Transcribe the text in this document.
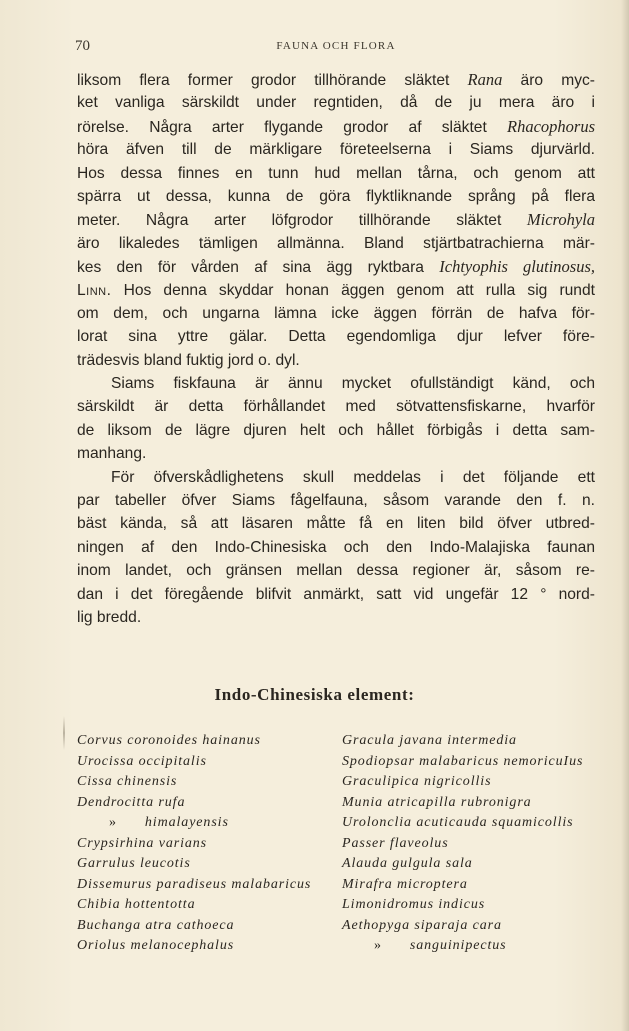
70	FAUNA OCH FLORA
liksom flera former grodor tillhörande släktet Rana äro myc-
ket vanliga särskildt under regntiden, då de ju mera äro i
rörelse. Några arter flygande grodor af släktet Rhacophorus
höra äfven till de märkligare företeelserna i Siams djurvärld.
Hos dessa finnes en tunn hud mellan tårna, och genom att
spärra ut dessa, kunna de göra flyktliknande språng på flera
meter. Några arter löfgrodor tillhörande släktet Microhyla
äro likaledes tämligen allmänna. Bland stjärtbatrachierna mär-
kes den för vården af sina ägg ryktbara Ichtyophis glutinosus,
Linn. Hos denna skyddar honan äggen genom att rulla sig rundt
om dem, och ungarna lämna icke äggen förrän de hafva för-
lorat sina yttre gälar. Detta egendomliga djur lefver före-
trädesvis bland fuktig jord o. dyl.
Siams fiskfauna är ännu mycket ofullständigt känd, och
särskildt är detta förhållandet med sötvattensfiskarne, hvarför
de liksom de lägre djuren helt och hållet förbigås i detta sam-
manhang.
För öfverskådlighetens skull meddelas i det följande ett
par tabeller öfver Siams fågelfauna, såsom varande den f. n.
bäst kända, så att läsaren måtte få en liten bild öfver utbred-
ningen af den Indo-Chinesiska och den Indo-Malajiska faunan
inom landet, och gränsen mellan dessa regioner är, såsom re-
dan i det föregående blifvit anmärkt, satt vid ungefär 12 ° nord-
lig bredd.
Indo-Chinesiska element:
Corvus coronoides hainanus	Gracula javana intermedia
Urocissa occipitalis	Spodiopsar malabaricus nemoricuIus
Cissa chinensis	Graculipica nigricollis
Dendrocitta rufa	Munia atricapilla rubronigra
» himalayensis	Urolonclia acuticauda squamicollis
Crypsirhina varians	Passer flaveolus
Garrulus leucotis	Alauda gulgula sala
Dissemurus paradiseus malabaricus Mirafra microptera
Chibia hottentotta	Limonidromus indicus
Buchanga atra cathoeca	Aethopyga siparaja cara
Oriolus melanocephalus	» sanguinipectus
